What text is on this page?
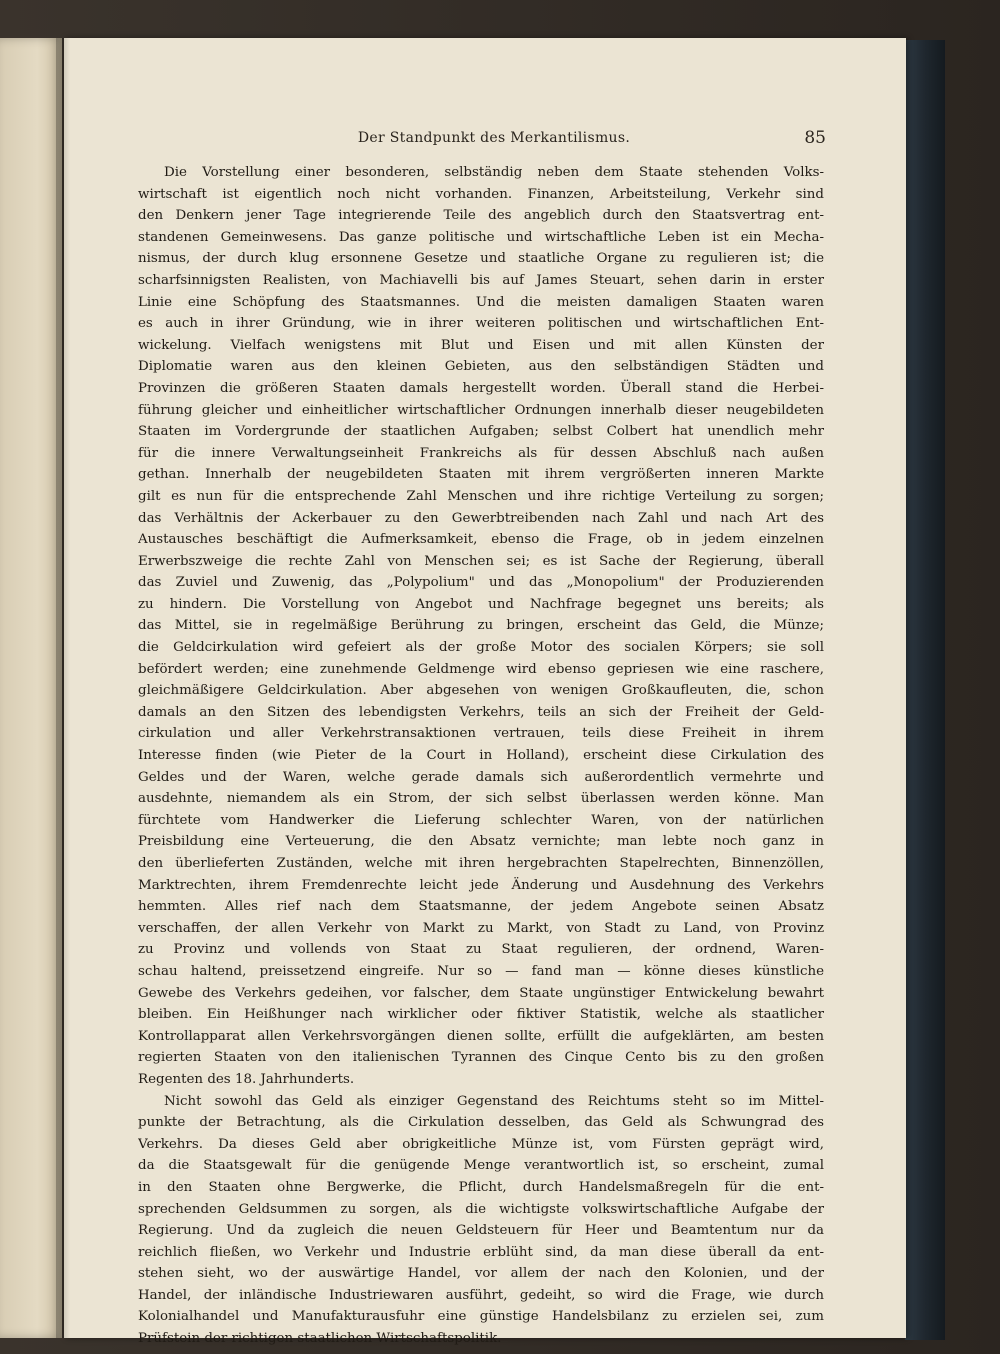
Der Standpunkt des Merkantilismus.	85
Die Vorstellung einer besonderen, selbständig neben dem Staate stehenden Volks-
wirtschaft ist eigentlich noch nicht vorhanden. Finanzen, Arbeitsteilung, Verkehr sind
den Denkern jener Tage integrierende Teile des angeblich durch den Staatsvertrag ent-
standenen Gemeinwesens. Das ganze politische und wirtschaftliche Leben ist ein Mecha-
nismus, der durch klug ersonnene Gesetze und staatliche Organe zu regulieren ist; die
scharfsinnigsten Realisten, von Machiavelli bis auf James Steuart, sehen darin in erster
Linie eine Schöpfung des Staatsmannes. Und die meisten damaligen Staaten waren
es auch in ihrer Gründung, wie in ihrer weiteren politischen und wirtschaftlichen Ent-
wickelung. Vielfach wenigstens mit Blut und Eisen und mit allen Künsten der
Diplomatie waren aus den kleinen Gebieten, aus den selbständigen Städten und
Provinzen die größeren Staaten damals hergestellt worden. Überall stand die Herbei-
führung gleicher und einheitlicher wirtschaftlicher Ordnungen innerhalb dieser neugebildeten
Staaten im Vordergrunde der staatlichen Aufgaben; selbst Colbert hat unendlich mehr
für die innere Verwaltungseinheit Frankreichs als für dessen Abschluß nach außen
gethan. Innerhalb der neugebildeten Staaten mit ihrem vergrößerten inneren Markte
gilt es nun für die entsprechende Zahl Menschen und ihre richtige Verteilung zu sorgen;
das Verhältnis der Ackerbauer zu den Gewerbtreibenden nach Zahl und nach Art des
Austausches beschäftigt die Aufmerksamkeit, ebenso die Frage, ob in jedem einzelnen
Erwerbszweige die rechte Zahl von Menschen sei; es ist Sache der Regierung, überall
das Zuviel und Zuwenig, das „Polypolium" und das „Monopolium" der Produzierenden
zu hindern. Die Vorstellung von Angebot und Nachfrage begegnet uns bereits; als
das Mittel, sie in regelmäßige Berührung zu bringen, erscheint das Geld, die Münze;
die Geldcirkulation wird gefeiert als der große Motor des socialen Körpers; sie soll
befördert werden; eine zunehmende Geldmenge wird ebenso gepriesen wie eine raschere,
gleichmäßigere Geldcirkulation. Aber abgesehen von wenigen Großkaufleuten, die, schon
damals an den Sitzen des lebendigsten Verkehrs, teils an sich der Freiheit der Geld-
cirkulation und aller Verkehrstransaktionen vertrauen, teils diese Freiheit in ihrem
Interesse finden (wie Pieter de la Court in Holland), erscheint diese Cirkulation des
Geldes und der Waren, welche gerade damals sich außerordentlich vermehrte und
ausdehnte, niemandem als ein Strom, der sich selbst überlassen werden könne. Man
fürchtete vom Handwerker die Lieferung schlechter Waren, von der natürlichen
Preisbildung eine Verteuerung, die den Absatz vernichte; man lebte noch ganz in
den überlieferten Zuständen, welche mit ihren hergebrachten Stapelrechten, Binnenzöllen,
Marktrechten, ihrem Fremdenrechte leicht jede Änderung und Ausdehnung des Verkehrs
hemmten. Alles rief nach dem Staatsmanne, der jedem Angebote seinen Absatz
verschaffen, der allen Verkehr von Markt zu Markt, von Stadt zu Land, von Provinz
zu Provinz und vollends von Staat zu Staat regulieren, der ordnend, Waren-
schau haltend, preissetzend eingreife. Nur so — fand man — könne dieses künstliche
Gewebe des Verkehrs gedeihen, vor falscher, dem Staate ungünstiger Entwickelung bewahrt
bleiben. Ein Heißhunger nach wirklicher oder fiktiver Statistik, welche als staatlicher
Kontrollapparat allen Verkehrsvorgängen dienen sollte, erfüllt die aufgeklärten, am besten
regierten Staaten von den italienischen Tyrannen des Cinque Cento bis zu den großen
Regenten des 18. Jahrhunderts.
Nicht sowohl das Geld als einziger Gegenstand des Reichtums steht so im Mittel-
punkte der Betrachtung, als die Cirkulation desselben, das Geld als Schwungrad des
Verkehrs. Da dieses Geld aber obrigkeitliche Münze ist, vom Fürsten geprägt wird,
da die Staatsgewalt für die genügende Menge verantwortlich ist, so erscheint, zumal
in den Staaten ohne Bergwerke, die Pflicht, durch Handelsmaßregeln für die ent-
sprechenden Geldsummen zu sorgen, als die wichtigste volkswirtschaftliche Aufgabe der
Regierung. Und da zugleich die neuen Geldsteuern für Heer und Beamtentum nur da
reichlich fließen, wo Verkehr und Industrie erblüht sind, da man diese überall da ent-
stehen sieht, wo der auswärtige Handel, vor allem der nach den Kolonien, und der
Handel, der inländische Industriewaren ausführt, gedeiht, so wird die Frage, wie durch
Kolonialhandel und Manufakturausfuhr eine günstige Handelsbilanz zu erzielen sei, zum
Prüfstein der richtigen staatlichen Wirtschaftspolitik.
